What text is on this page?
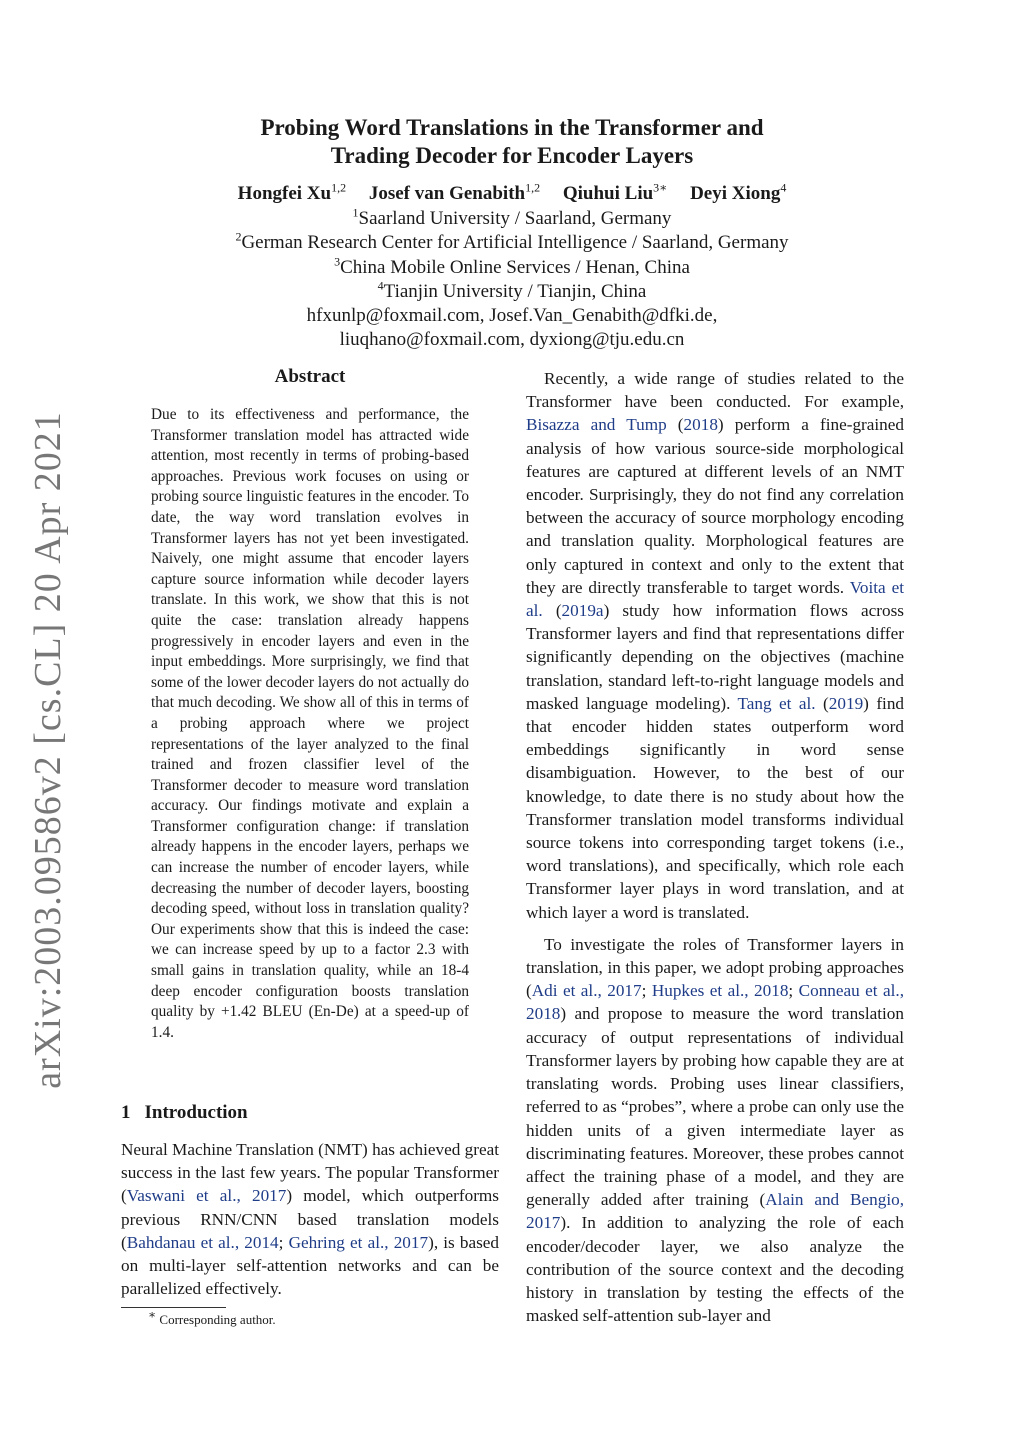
arXiv:2003.09586v2 [cs.CL] 20 Apr 2021
Probing Word Translations in the Transformer and
Trading Decoder for Encoder Layers
Hongfei Xu$^{1,2}$ Josef van Genabith$^{1,2}$ Qiuhui Liu$^{3∗}$ Deyi Xiong$^4$
$^1$Saarland University / Saarland, Germany
$^2$German Research Center for Artificial Intelligence / Saarland, Germany
$^3$China Mobile Online Services / Henan, China
$^4$Tianjin University / Tianjin, China
hfxunlp@foxmail.com, Josef.Van_Genabith@dfki.de,
liuqhano@foxmail.com, dyxiong@tju.edu.cn
Abstract

Due to its effectiveness and performance, the Transformer translation model has attracted wide attention, most recently in terms of probing-based approaches. Previous work focuses on using or probing source linguistic features in the encoder. To date, the way word translation evolves in Transformer layers has not yet been investigated. Naively, one might assume that encoder layers capture source information while decoder layers translate. In this work, we show that this is not quite the case: translation already happens progressively in encoder layers and even in the input embeddings. More surprisingly, we find that some of the lower decoder layers do not actually do that much decoding. We show all of this in terms of a probing approach where we project representations of the layer analyzed to the final trained and frozen classifier level of the Transformer decoder to measure word translation accuracy. Our findings motivate and explain a Transformer configuration change: if translation already happens in the encoder layers, perhaps we can increase the number of encoder layers, while decreasing the number of decoder layers, boosting decoding speed, without loss in translation quality? Our experiments show that this is indeed the case: we can increase speed by up to a factor 2.3 with small gains in translation quality, while an 18-4 deep encoder configuration boosts translation quality by +1.42 BLEU (En-De) at a speed-up of 1.4.

1 Introduction

Neural Machine Translation (NMT) has achieved great success in the last few years. The popular Transformer (Vaswani et al., 2017) model, which outperforms previous RNN/CNN based translation models (Bahdanau et al., 2014; Gehring et al., 2017), is based on multi-layer self-attention networks and can be parallelized effectively.

∗ Corresponding author.

Recently, a wide range of studies related to the Transformer have been conducted. For example, Bisazza and Tump (2018) perform a fine-grained analysis of how various source-side morphological features are captured at different levels of an NMT encoder. Surprisingly, they do not find any correlation between the accuracy of source morphology encoding and translation quality. Morphological features are only captured in context and only to the extent that they are directly transferable to target words. Voita et al. (2019a) study how information flows across Transformer layers and find that representations differ significantly depending on the objectives (machine translation, standard left-to-right language models and masked language modeling). Tang et al. (2019) find that encoder hidden states outperform word embeddings significantly in word sense disambiguation. However, to the best of our knowledge, to date there is no study about how the Transformer translation model transforms individual source tokens into corresponding target tokens (i.e., word translations), and specifically, which role each Transformer layer plays in word translation, and at which layer a word is translated.

To investigate the roles of Transformer layers in translation, in this paper, we adopt probing approaches (Adi et al., 2017; Hupkes et al., 2018; Conneau et al., 2018) and propose to measure the word translation accuracy of output representations of individual Transformer layers by probing how capable they are at translating words. Probing uses linear classifiers, referred to as “probes”, where a probe can only use the hidden units of a given intermediate layer as discriminating features. Moreover, these probes cannot affect the training phase of a model, and they are generally added after training (Alain and Bengio, 2017). In addition to analyzing the role of each encoder/decoder layer, we also analyze the contribution of the source context and the decoding history in translation by testing the effects of the masked self-attention sub-layer and
